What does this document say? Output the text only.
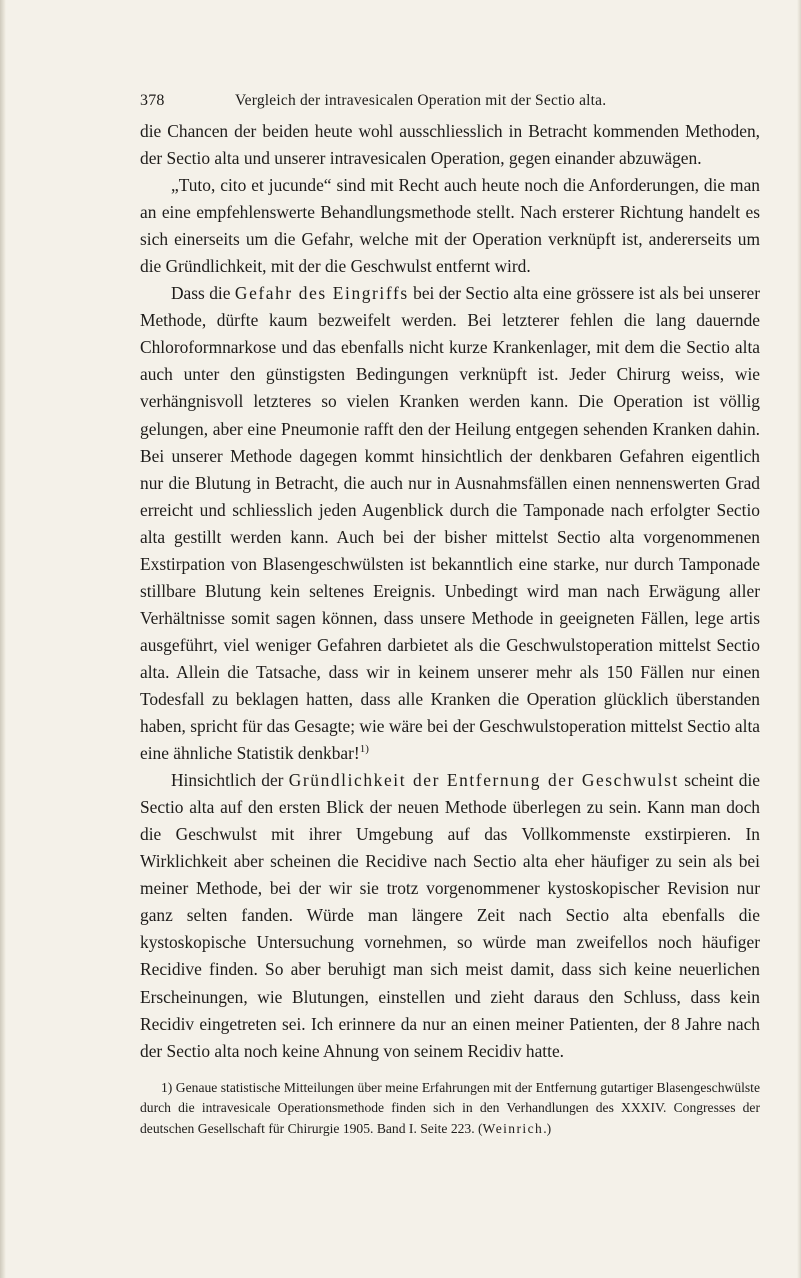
378	Vergleich der intravesicalen Operation mit der Sectio alta.

die Chancen der beiden heute wohl ausschliesslich in Betracht kommenden Methoden, der Sectio alta und unserer intravesicalen Operation, gegen einander abzuwägen.

„Tuto, cito et jucunde“ sind mit Recht auch heute noch die Anforderungen, die man an eine empfehlenswerte Behandlungsmethode stellt. Nach ersterer Richtung handelt es sich einerseits um die Gefahr, welche mit der Operation verknüpft ist, andererseits um die Gründlichkeit, mit der die Geschwulst entfernt wird.

Dass die Gefahr des Eingriffs bei der Sectio alta eine grössere ist als bei unserer Methode, dürfte kaum bezweifelt werden. Bei letzterer fehlen die lang dauernde Chloroformnarkose und das ebenfalls nicht kurze Krankenlager, mit dem die Sectio alta auch unter den günstigsten Bedingungen verknüpft ist. Jeder Chirurg weiss, wie verhängnisvoll letzteres so vielen Kranken werden kann. Die Operation ist völlig gelungen, aber eine Pneumonie rafft den der Heilung entgegen sehenden Kranken dahin. Bei unserer Methode dagegen kommt hinsichtlich der denkbaren Gefahren eigentlich nur die Blutung in Betracht, die auch nur in Ausnahmsfällen einen nennenswerten Grad erreicht und schliesslich jeden Augenblick durch die Tamponade nach erfolgter Sectio alta gestillt werden kann. Auch bei der bisher mittelst Sectio alta vorgenommenen Exstirpation von Blasengeschwülsten ist bekanntlich eine starke, nur durch Tamponade stillbare Blutung kein seltenes Ereignis. Unbedingt wird man nach Erwägung aller Verhältnisse somit sagen können, dass unsere Methode in geeigneten Fällen, lege artis ausgeführt, viel weniger Gefahren darbietet als die Geschwulstoperation mittelst Sectio alta. Allein die Tatsache, dass wir in keinem unserer mehr als 150 Fällen nur einen Todesfall zu beklagen hatten, dass alle Kranken die Operation glücklich überstanden haben, spricht für das Gesagte; wie wäre bei der Geschwulstoperation mittelst Sectio alta eine ähnliche Statistik denkbar!$^{1)}$

Hinsichtlich der Gründlichkeit der Entfernung der Geschwulst scheint die Sectio alta auf den ersten Blick der neuen Methode überlegen zu sein. Kann man doch die Geschwulst mit ihrer Umgebung auf das Vollkommenste exstirpieren. In Wirklichkeit aber scheinen die Recidive nach Sectio alta eher häufiger zu sein als bei meiner Methode, bei der wir sie trotz vorgenommener kystoskopischer Revision nur ganz selten fanden. Würde man längere Zeit nach Sectio alta ebenfalls die kystoskopische Untersuchung vornehmen, so würde man zweifellos noch häufiger Recidive finden. So aber beruhigt man sich meist damit, dass sich keine neuerlichen Erscheinungen, wie Blutungen, einstellen und zieht daraus den Schluss, dass kein Recidiv eingetreten sei. Ich erinnere da nur an einen meiner Patienten, der 8 Jahre nach der Sectio alta noch keine Ahnung von seinem Recidiv hatte.

1) Genaue statistische Mitteilungen über meine Erfahrungen mit der Entfernung gutartiger Blasengeschwülste durch die intravesicale Operationsmethode finden sich in den Verhandlungen des XXXIV. Congresses der deutschen Gesellschaft für Chirurgie 1905. Band I. Seite 223. (Weinrich.)
